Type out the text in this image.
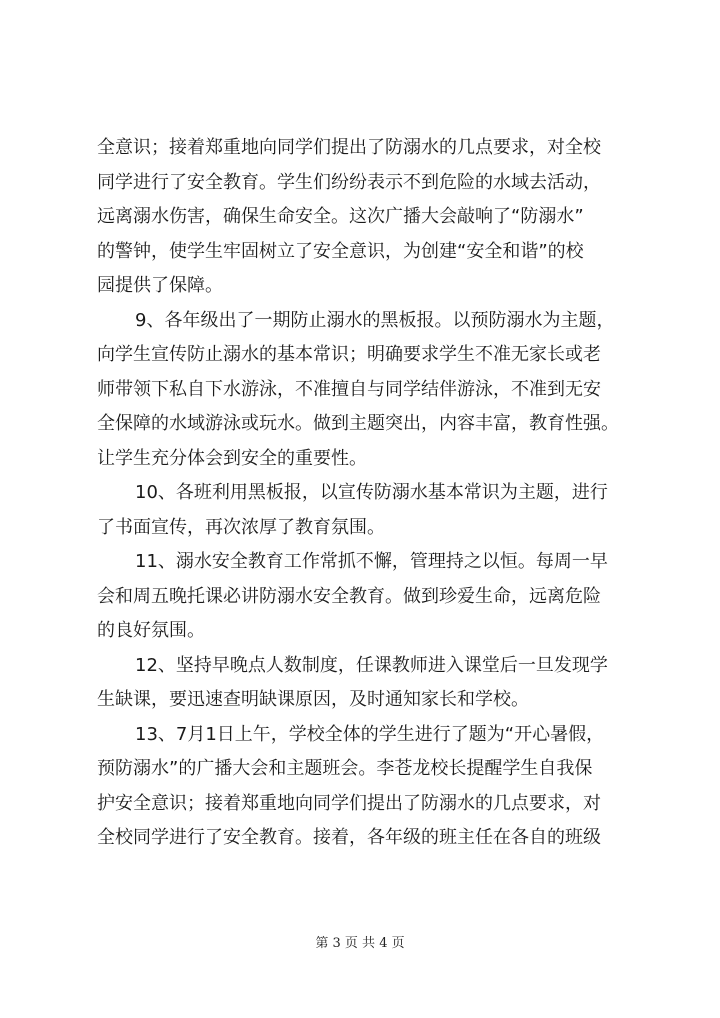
全意识；接着郑重地向同学们提出了防溺水的几点要求，对全校
同学进行了安全教育。学生们纷纷表示不到危险的水域去活动，
远离溺水伤害，确保生命安全。这次广播大会敲响了“防溺水”
的警钟，使学生牢固树立了安全意识，为创建“安全和谐”的校
园提供了保障。
9、各年级出了一期防止溺水的黑板报。以预防溺水为主题，
向学生宣传防止溺水的基本常识；明确要求学生不准无家长或老
师带领下私自下水游泳，不准擅自与同学结伴游泳，不准到无安
全保障的水域游泳或玩水。做到主题突出，内容丰富，教育性强。
让学生充分体会到安全的重要性。
10、各班利用黑板报，以宣传防溺水基本常识为主题，进行
了书面宣传，再次浓厚了教育氛围。
11、溺水安全教育工作常抓不懈，管理持之以恒。每周一早
会和周五晚托课必讲防溺水安全教育。做到珍爱生命，远离危险
的良好氛围。
12、坚持早晚点人数制度，任课教师进入课堂后一旦发现学
生缺课，要迅速查明缺课原因，及时通知家长和学校。
13、7月1日上午，学校全体的学生进行了题为“开心暑假，
预防溺水”的广播大会和主题班会。李苍龙校长提醒学生自我保
护安全意识；接着郑重地向同学们提出了防溺水的几点要求，对
全校同学进行了安全教育。接着，各年级的班主任在各自的班级
第 3 页 共 4 页
